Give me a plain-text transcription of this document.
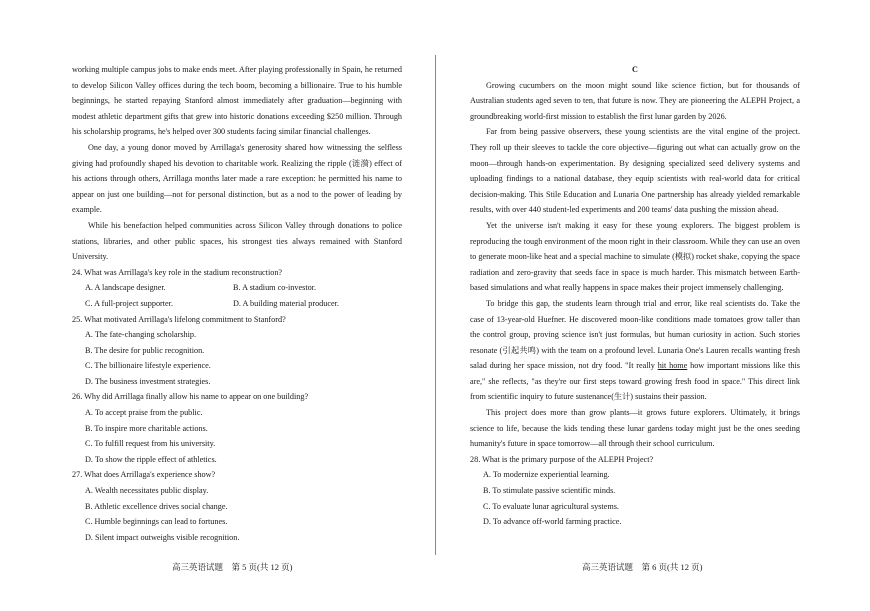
working multiple campus jobs to make ends meet. After playing professionally in Spain, he returned to develop Silicon Valley offices during the tech boom, becoming a billionaire. True to his humble beginnings, he started repaying Stanford almost immediately after graduation—beginning with modest athletic department gifts that grew into historic donations exceeding $250 million. Through his scholarship programs, he's helped over 300 students facing similar financial challenges.

One day, a young donor moved by Arrillaga's generosity shared how witnessing the selfless giving had profoundly shaped his devotion to charitable work. Realizing the ripple (涟漪) effect of his actions through others, Arrillaga months later made a rare exception: he permitted his name to appear on just one building—not for personal distinction, but as a nod to the power of leading by example.

While his benefaction helped communities across Silicon Valley through donations to police stations, libraries, and other public spaces, his strongest ties always remained with Stanford University.

24. What was Arrillaga's key role in the stadium reconstruction?

A. A landscape designer.	B. A stadium co-investor.
C. A full-project supporter.	D. A building material producer.

25. What motivated Arrillaga's lifelong commitment to Stanford?

A. The fate-changing scholarship.

B. The desire for public recognition.

C. The billionaire lifestyle experience.

D. The business investment strategies.

26. Why did Arrillaga finally allow his name to appear on one building?

A. To accept praise from the public.

B. To inspire more charitable actions.

C. To fulfill request from his university.

D. To show the ripple effect of athletics.

27. What does Arrillaga's experience show?

A. Wealth necessitates public display.

B. Athletic excellence drives social change.

C. Humble beginnings can lead to fortunes.

D. Silent impact outweighs visible recognition.

高三英语试题　第 5 页(共 12 页)

C

Growing cucumbers on the moon might sound like science fiction, but for thousands of Australian students aged seven to ten, that future is now. They are pioneering the ALEPH Project, a groundbreaking world-first mission to establish the first lunar garden by 2026.

Far from being passive observers, these young scientists are the vital engine of the project. They roll up their sleeves to tackle the core objective—figuring out what can actually grow on the moon—through hands-on experimentation. By designing specialized seed delivery systems and uploading findings to a national database, they equip scientists with real-world data for critical decision-making. This Stile Education and Lunaria One partnership has already yielded remarkable results, with over 440 student-led experiments and 200 teams' data pushing the mission ahead.

Yet the universe isn't making it easy for these young explorers. The biggest problem is reproducing the tough environment of the moon right in their classroom. While they can use an oven to generate moon-like heat and a special machine to simulate (模拟) rocket shake, copying the space radiation and zero-gravity that seeds face in space is much harder. This mismatch between Earth-based simulations and what really happens in space makes their project immensely challenging.

To bridge this gap, the students learn through trial and error, like real scientists do. Take the case of 13-year-old Huefner. He discovered moon-like conditions made tomatoes grow taller than the control group, proving science isn't just formulas, but human curiosity in action. Such stories resonate (引起共鸣) with the team on a profound level. Lunaria One's Lauren recalls wanting fresh salad during her space mission, not dry food. "It really hit home how important missions like this are," she reflects, "as they're our first steps toward growing fresh food in space." This direct link from scientific inquiry to future sustenance(生计) sustains their passion.

This project does more than grow plants—it grows future explorers. Ultimately, it brings science to life, because the kids tending these lunar gardens today might just be the ones seeding humanity's future in space tomorrow—all through their school curriculum.

28. What is the primary purpose of the ALEPH Project?

A. To modernize experiential learning.

B. To stimulate passive scientific minds.

C. To evaluate lunar agricultural systems.

D. To advance off-world farming practice.

高三英语试题　第 6 页(共 12 页)
